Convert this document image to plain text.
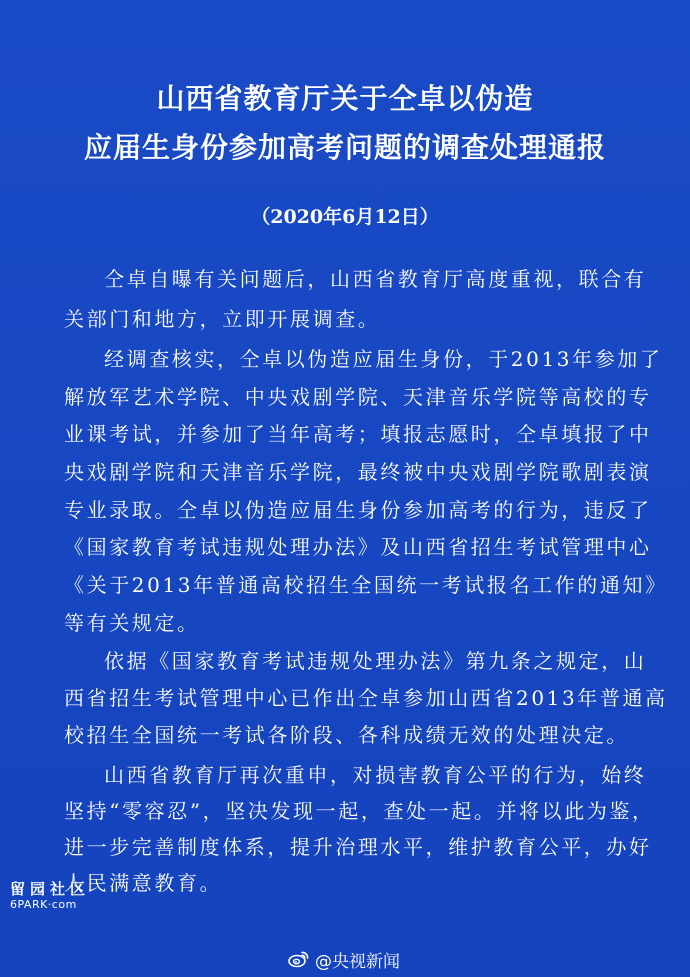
山西省教育厅关于仝卓以伪造
应届生身份参加高考问题的调查处理通报
（2020年6月12日）
仝卓自曝有关问题后，山西省教育厅高度重视，联合有
关部门和地方，立即开展调查。
经调查核实，仝卓以伪造应届生身份，于2013年参加了
解放军艺术学院、中央戏剧学院、天津音乐学院等高校的专
业课考试，并参加了当年高考；填报志愿时，仝卓填报了中
央戏剧学院和天津音乐学院，最终被中央戏剧学院歌剧表演
专业录取。仝卓以伪造应届生身份参加高考的行为，违反了
《国家教育考试违规处理办法》及山西省招生考试管理中心
《关于2013年普通高校招生全国统一考试报名工作的通知》
等有关规定。
依据《国家教育考试违规处理办法》第九条之规定，山
西省招生考试管理中心已作出仝卓参加山西省2013年普通高
校招生全国统一考试各阶段、各科成绩无效的处理决定。
山西省教育厅再次重申，对损害教育公平的行为，始终
坚持“零容忍”，坚决发现一起，查处一起。并将以此为鉴，
进一步完善制度体系，提升治理水平，维护教育公平，办好
人民满意教育。
留园社区
6PARK·com
@央视新闻
